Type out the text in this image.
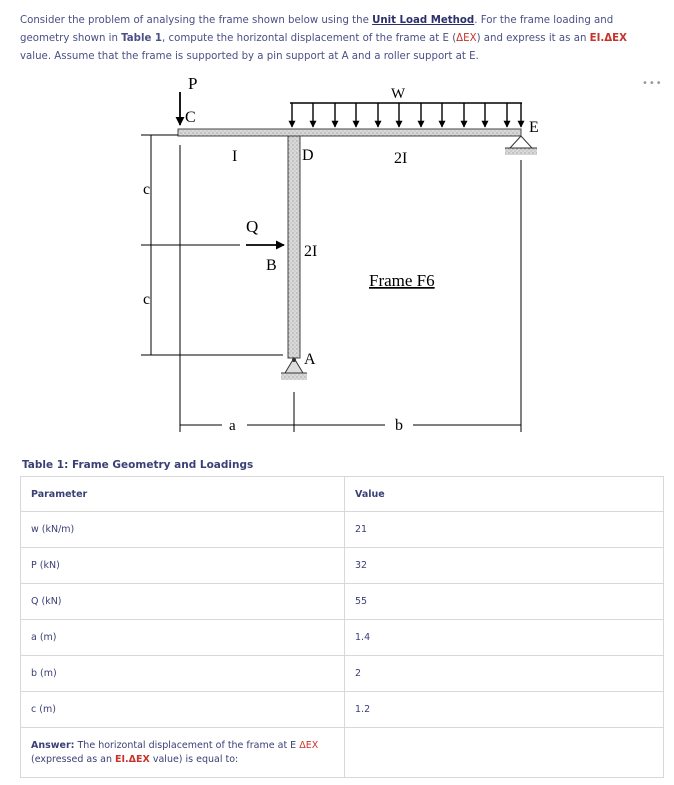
Consider the problem of analysing the frame shown below using the Unit Load Method. For the frame loading and geometry shown in Table 1, compute the horizontal displacement of the frame at E (ΔEX) and express it as an EI.ΔEX value. Assume that the frame is supported by a pin support at A and a roller support at E.
•••
P
C
W
E
I	D	2I
c
c
Q
2I
B
Frame F6
A
a	b
Table 1: Frame Geometry and Loadings
Parameter	Value
w (kN/m)	21
P (kN)	32
Q (kN)	55
a (m)	1.4
b (m)	2
c (m)	1.2

Answer: The horizontal displacement of the frame at E ΔEX (expressed as an EI.ΔEX value) is equal to:	
